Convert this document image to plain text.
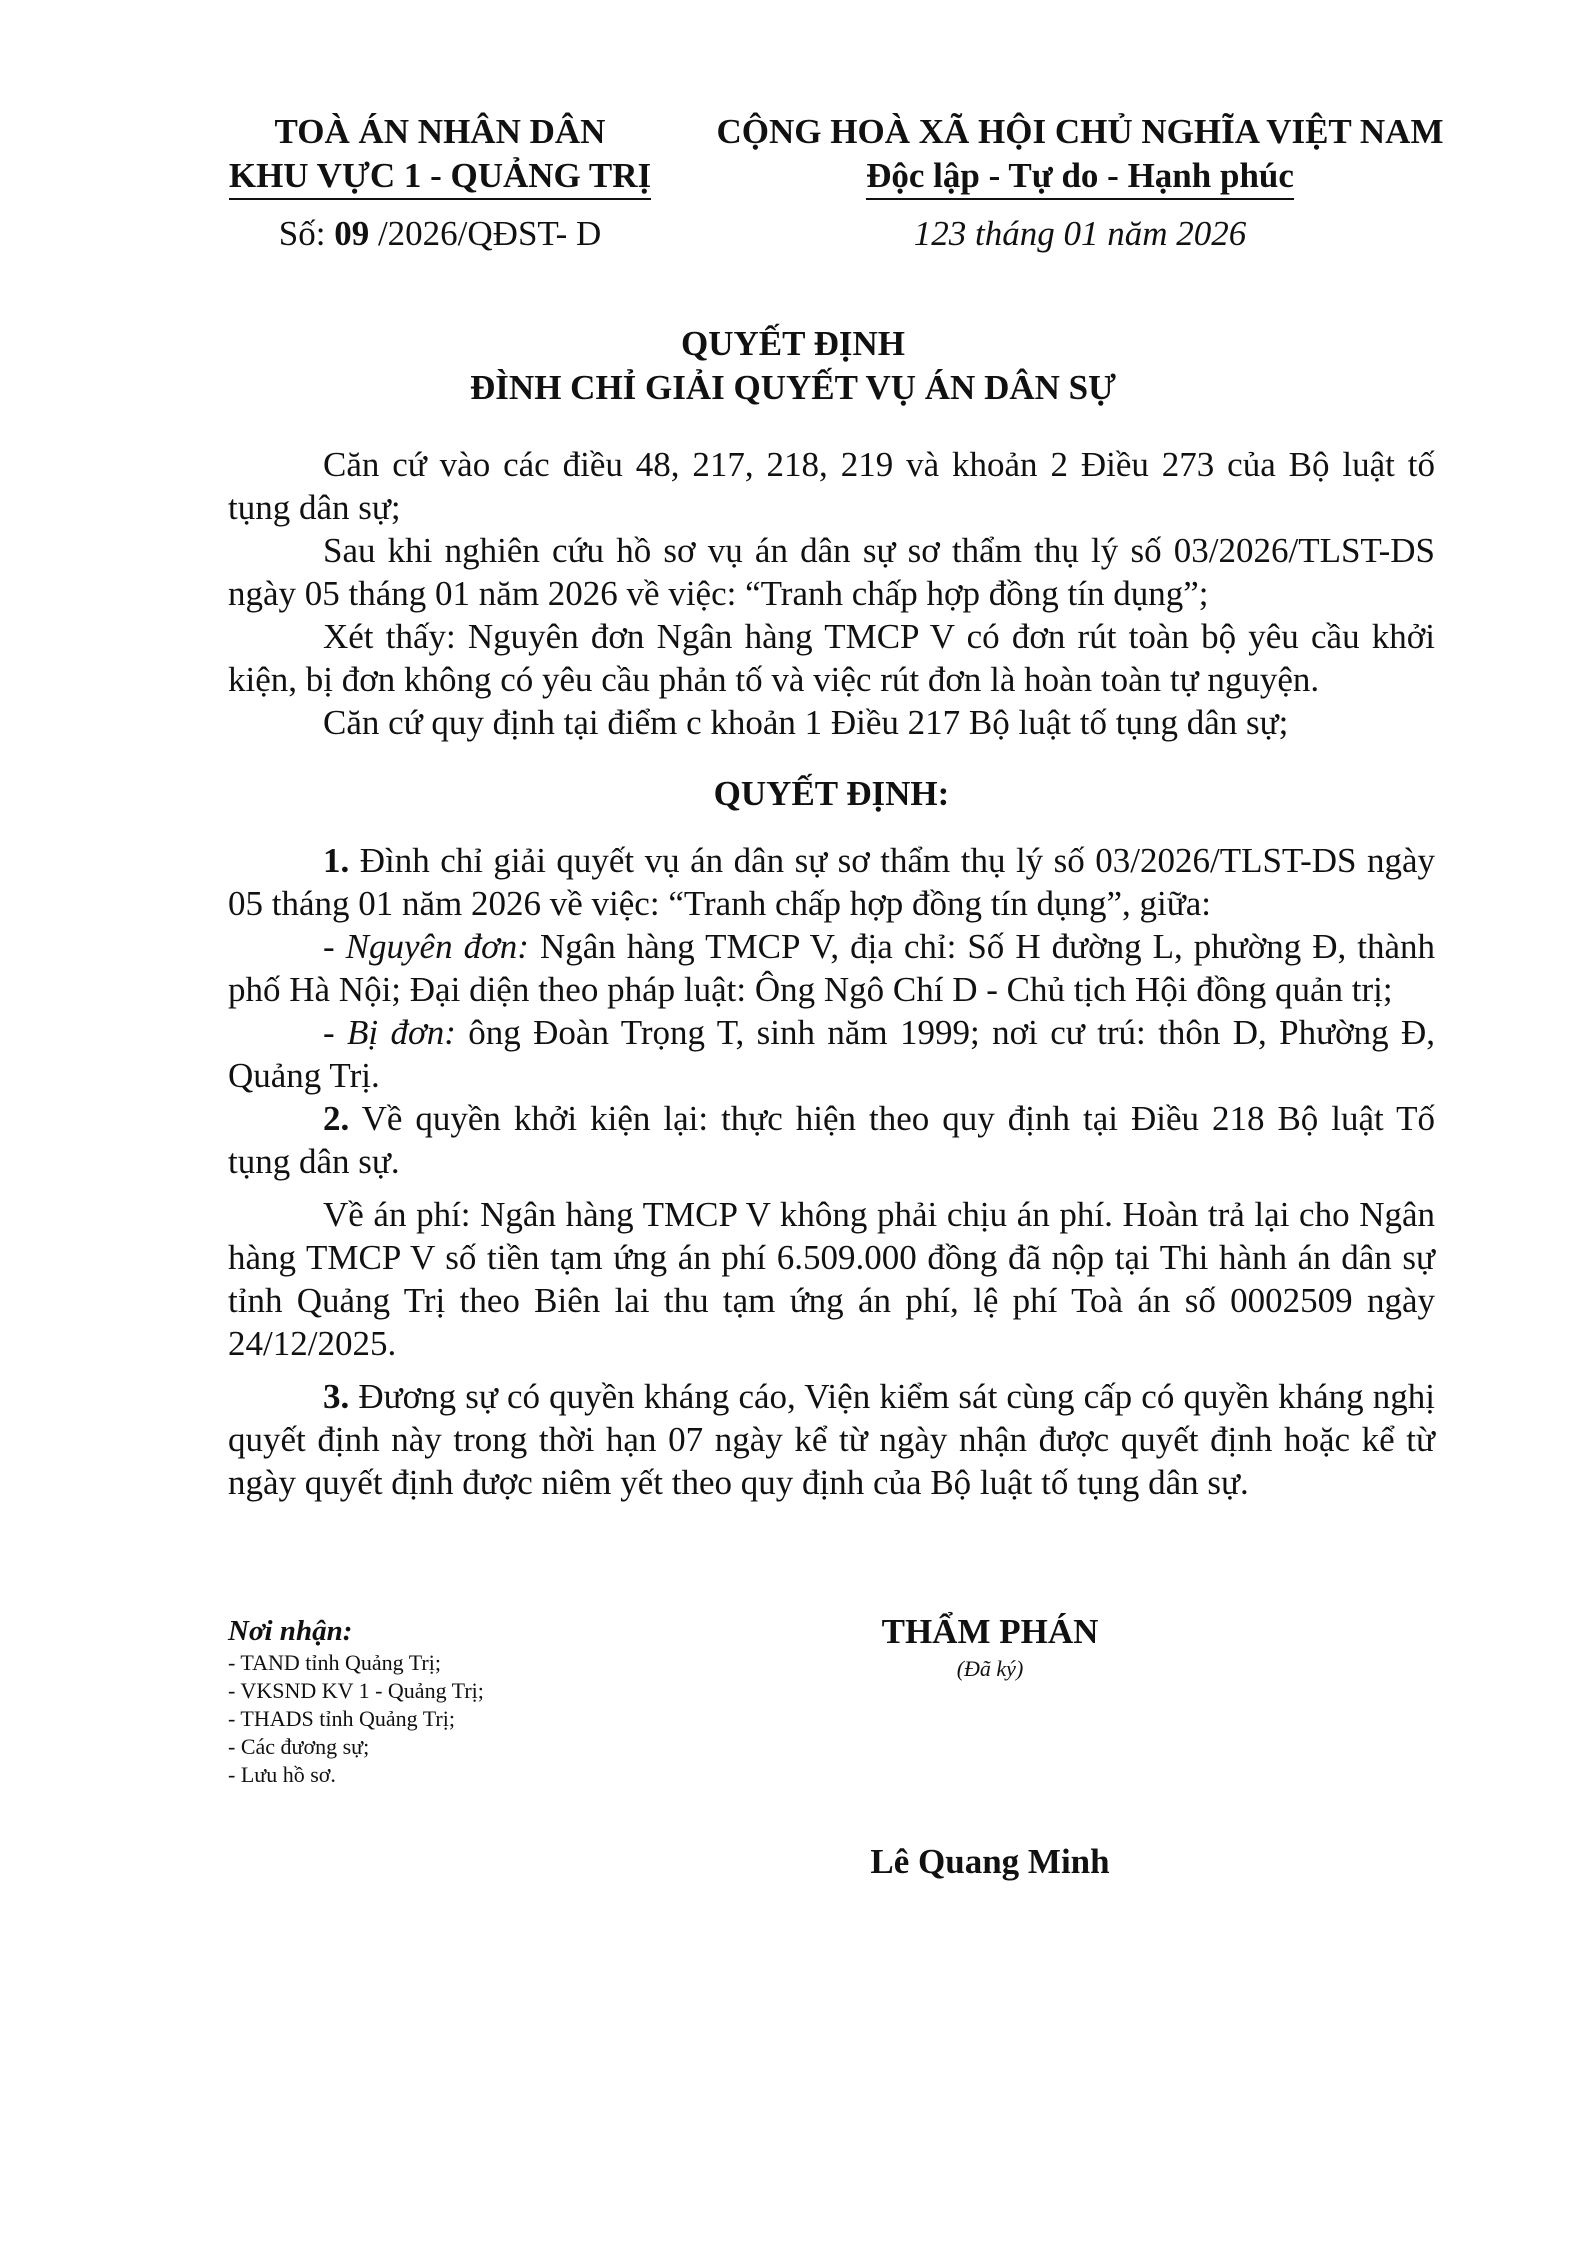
TOÀ ÁN NHÂN DÂN
KHU VỰC 1 - QUẢNG TRỊ
CỘNG HOÀ XÃ HỘI CHỦ NGHĨA VIỆT NAM
Độc lập - Tự do - Hạnh phúc
Số: 09 /2026/QĐST- D	123 tháng 01 năm 2026
QUYẾT ĐỊNH
ĐÌNH CHỈ GIẢI QUYẾT VỤ ÁN DÂN SỰ

Căn cứ vào các điều 48, 217, 218, 219 và khoản 2 Điều 273 của Bộ luật tố tụng dân sự;

Sau khi nghiên cứu hồ sơ vụ án dân sự sơ thẩm thụ lý số 03/2026/TLST-DS ngày 05 tháng 01 năm 2026 về việc: “Tranh chấp hợp đồng tín dụng”;

Xét thấy: Nguyên đơn Ngân hàng TMCP V có đơn rút toàn bộ yêu cầu khởi kiện, bị đơn không có yêu cầu phản tố và việc rút đơn là hoàn toàn tự nguyện.

Căn cứ quy định tại điểm c khoản 1 Điều 217 Bộ luật tố tụng dân sự;

QUYẾT ĐỊNH:

1. Đình chỉ giải quyết vụ án dân sự sơ thẩm thụ lý số 03/2026/TLST-DS ngày 05 tháng 01 năm 2026 về việc: “Tranh chấp hợp đồng tín dụng”, giữa:

- Nguyên đơn: Ngân hàng TMCP V, địa chỉ: Số H đường L, phường Đ, thành phố Hà Nội; Đại diện theo pháp luật: Ông Ngô Chí D - Chủ tịch Hội đồng quản trị;

- Bị đơn: ông Đoàn Trọng T, sinh năm 1999; nơi cư trú: thôn D, Phường Đ, Quảng Trị.

2. Về quyền khởi kiện lại: thực hiện theo quy định tại Điều 218 Bộ luật Tố tụng dân sự.

Về án phí: Ngân hàng TMCP V không phải chịu án phí. Hoàn trả lại cho Ngân hàng TMCP V số tiền tạm ứng án phí 6.509.000 đồng đã nộp tại Thi hành án dân sự tỉnh Quảng Trị theo Biên lai thu tạm ứng án phí, lệ phí Toà án số 0002509 ngày 24/12/2025.

3. Đương sự có quyền kháng cáo, Viện kiểm sát cùng cấp có quyền kháng nghị quyết định này trong thời hạn 07 ngày kể từ ngày nhận được quyết định hoặc kể từ ngày quyết định được niêm yết theo quy định của Bộ luật tố tụng dân sự.

Nơi nhận:
- TAND tỉnh Quảng Trị;
- VKSND KV 1 - Quảng Trị;
- THADS tỉnh Quảng Trị;
- Các đương sự;
- Lưu hồ sơ.
THẨM PHÁN
(Đã ký)
Lê Quang Minh
